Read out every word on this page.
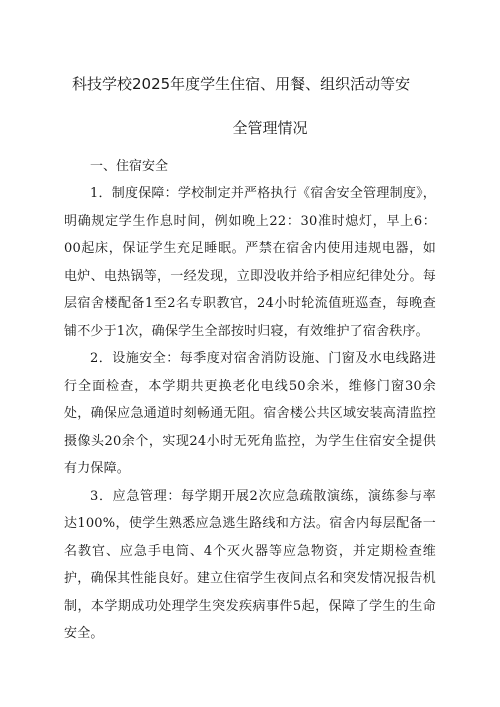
科技学校2025年度学生住宿、用餐、组织活动等安
全管理情况
一、住宿安全

1．制度保障：学校制定并严格执行《宿舍安全管理制度》，明确规定学生作息时间，例如晚上22：30准时熄灯，早上6：00起床，保证学生充足睡眠。严禁在宿舍内使用违规电器，如电炉、电热锅等，一经发现，立即没收并给予相应纪律处分。每层宿舍楼配备1至2名专职教官，24小时轮流值班巡查，每晚查铺不少于1次，确保学生全部按时归寝，有效维护了宿舍秩序。

2．设施安全：每季度对宿舍消防设施、门窗及水电线路进行全面检查，本学期共更换老化电线50余米，维修门窗30余处，确保应急通道时刻畅通无阻。宿舍楼公共区域安装高清监控摄像头20余个，实现24小时无死角监控，为学生住宿安全提供有力保障。

3．应急管理：每学期开展2次应急疏散演练，演练参与率达100%，使学生熟悉应急逃生路线和方法。宿舍内每层配备一名教官、应急手电筒、4个灭火器等应急物资，并定期检查维护，确保其性能良好。建立住宿学生夜间点名和突发情况报告机制，本学期成功处理学生突发疾病事件5起，保障了学生的生命安全。
